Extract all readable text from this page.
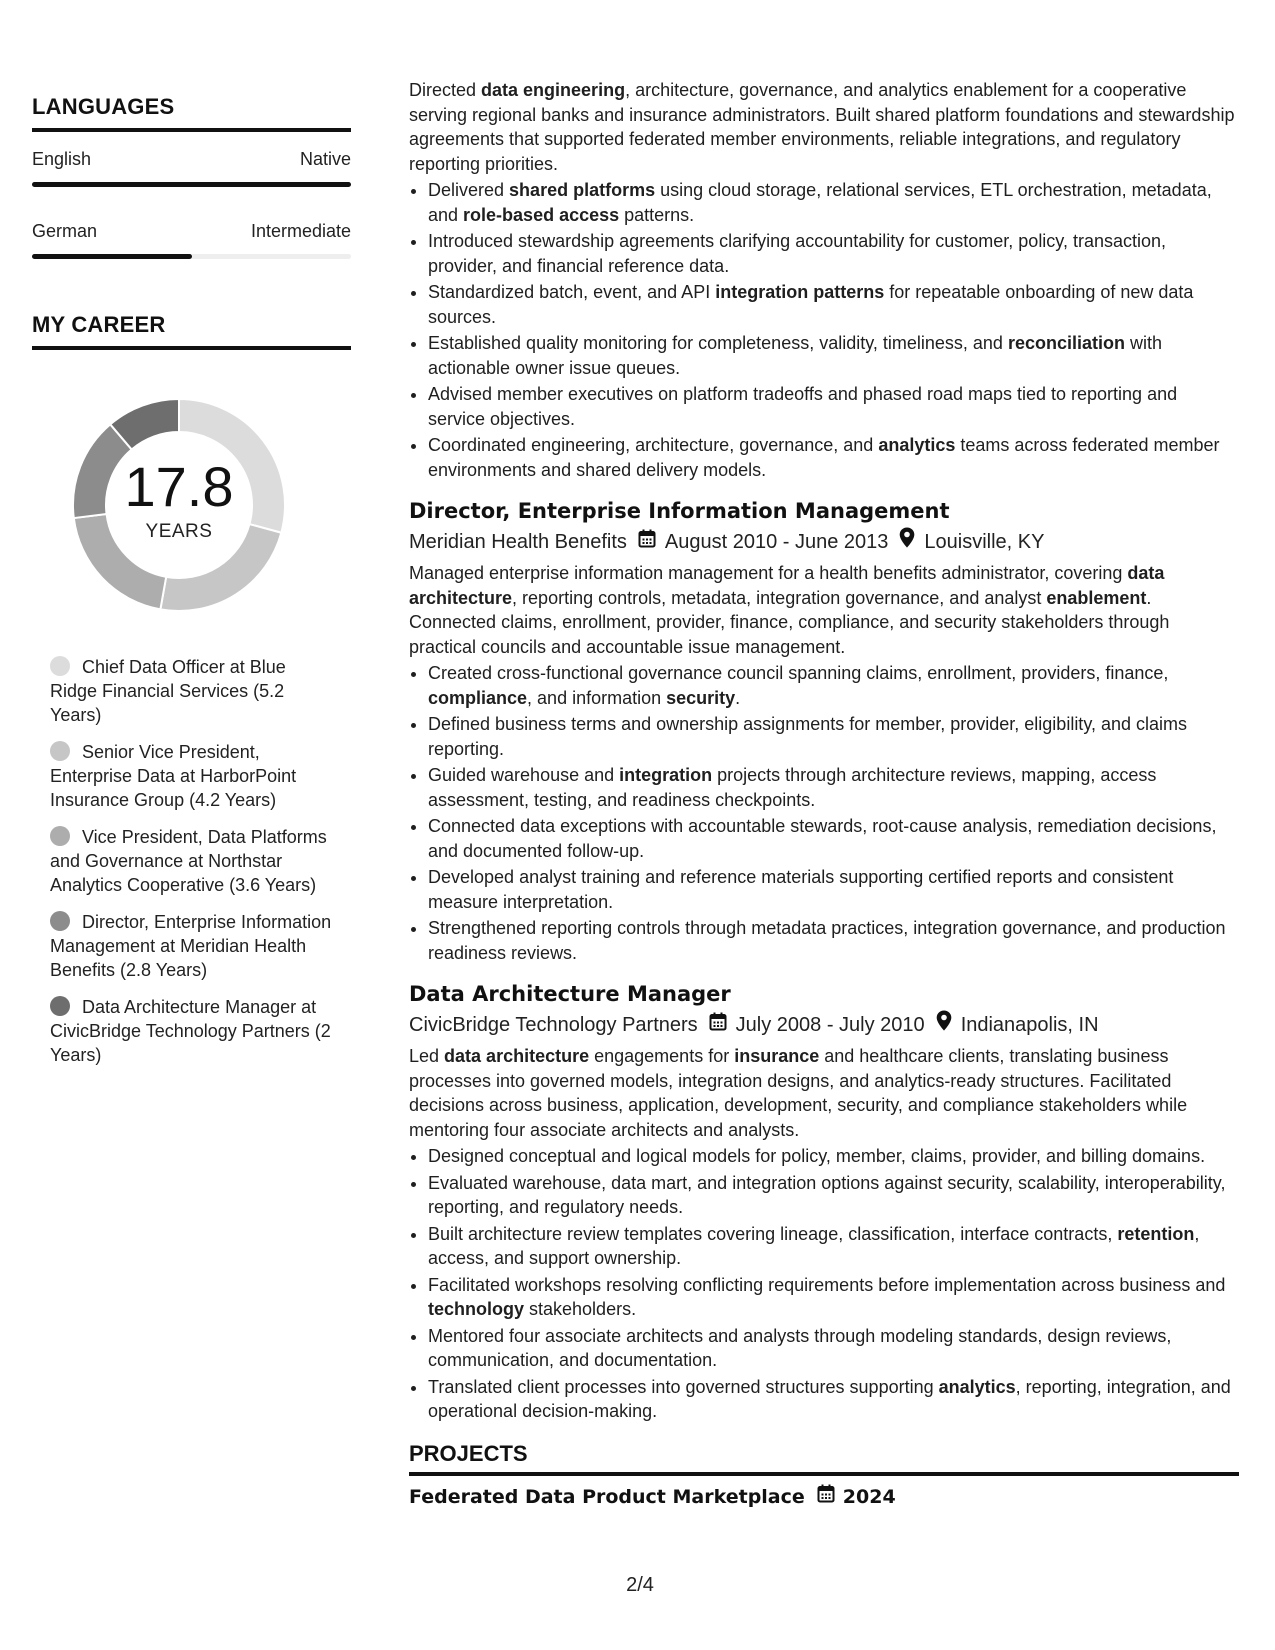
LANGUAGES
English	Native
German	Intermediate
MY CAREER
17.8
YEARS
Chief Data Officer at Blue Ridge Financial Services (5.2 Years)
Senior Vice President, Enterprise Data at HarborPoint Insurance Group (4.2 Years)
Vice President, Data Platforms and Governance at Northstar Analytics Cooperative (3.6 Years)
Director, Enterprise Information Management at Meridian Health Benefits (2.8 Years)
Data Architecture Manager at CivicBridge Technology Partners (2 Years)

Directed data engineering, architecture, governance, and analytics enablement for a cooperative serving regional banks and insurance administrators. Built shared platform foundations and stewardship agreements that supported federated member environments, reliable integrations, and regulatory reporting priorities.

• Delivered shared platforms using cloud storage, relational services, ETL orchestration, metadata, and role-based access patterns.
• Introduced stewardship agreements clarifying accountability for customer, policy, transaction, provider, and financial reference data.
• Standardized batch, event, and API integration patterns for repeatable onboarding of new data sources.
• Established quality monitoring for completeness, validity, timeliness, and reconciliation with actionable owner issue queues.
• Advised member executives on platform tradeoffs and phased road maps tied to reporting and service objectives.
• Coordinated engineering, architecture, governance, and analytics teams across federated member environments and shared delivery models.
Director, Enterprise Information Management
Meridian Health Benefits August 2010 - June 2013 Louisville, KY

Managed enterprise information management for a health benefits administrator, covering data architecture, reporting controls, metadata, integration governance, and analyst enablement. Connected claims, enrollment, provider, finance, compliance, and security stakeholders through practical councils and accountable issue management.

• Created cross-functional governance council spanning claims, enrollment, providers, finance, compliance, and information security.
• Defined business terms and ownership assignments for member, provider, eligibility, and claims reporting.
• Guided warehouse and integration projects through architecture reviews, mapping, access assessment, testing, and readiness checkpoints.
• Connected data exceptions with accountable stewards, root-cause analysis, remediation decisions, and documented follow-up.
• Developed analyst training and reference materials supporting certified reports and consistent measure interpretation.
• Strengthened reporting controls through metadata practices, integration governance, and production readiness reviews.
Data Architecture Manager
CivicBridge Technology Partners July 2008 - July 2010 Indianapolis, IN

Led data architecture engagements for insurance and healthcare clients, translating business processes into governed models, integration designs, and analytics-ready structures. Facilitated decisions across business, application, development, security, and compliance stakeholders while mentoring four associate architects and analysts.

• Designed conceptual and logical models for policy, member, claims, provider, and billing domains.
• Evaluated warehouse, data mart, and integration options against security, scalability, interoperability, reporting, and regulatory needs.
• Built architecture review templates covering lineage, classification, interface contracts, retention, access, and support ownership.
• Facilitated workshops resolving conflicting requirements before implementation across business and technology stakeholders.
• Mentored four associate architects and analysts through modeling standards, design reviews, communication, and documentation.
• Translated client processes into governed structures supporting analytics, reporting, integration, and operational decision-making.
PROJECTS
Federated Data Product Marketplace 2024
2/4
